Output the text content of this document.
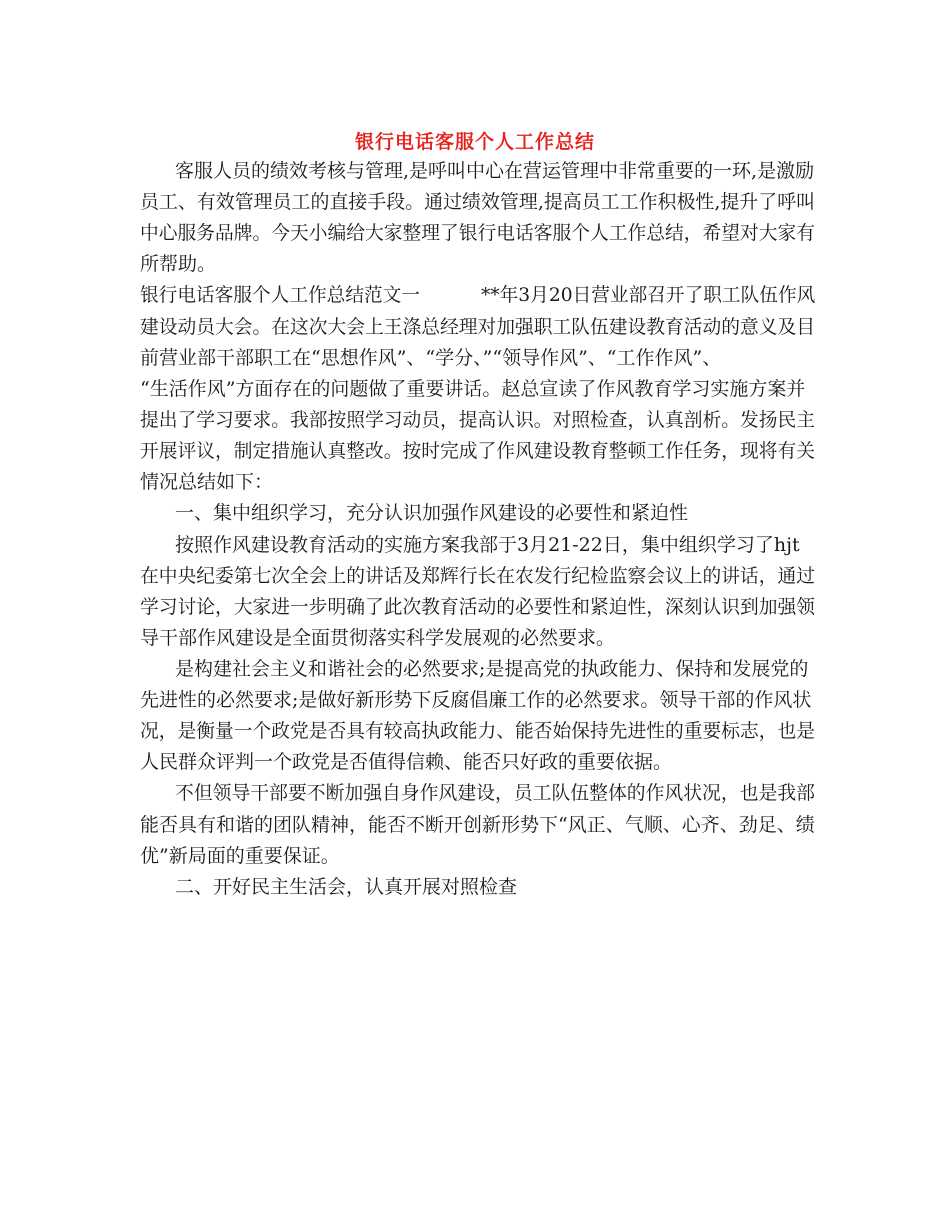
银行电话客服个人工作总结

客服人员的绩效考核与管理,是呼叫中心在营运管理中非常重要的一环,是激励

员工、有效管理员工的直接手段。通过绩效管理,提高员工工作积极性,提升了呼叫

中心服务品牌。今天小编给大家整理了银行电话客服个人工作总结，希望对大家有

所帮助。

银行电话客服个人工作总结范文一	**年3月20日营业部召开了职工队伍作风

建设动员大会。在这次大会上王涤总经理对加强职工队伍建设教育活动的意义及目

前营业部干部职工在“思想作风”、“学分、”“领导作风”、“工作作风”、

“生活作风”方面存在的问题做了重要讲话。赵总宣读了作风教育学习实施方案并

提出了学习要求。我部按照学习动员，提高认识。对照检查，认真剖析。发扬民主

开展评议，制定措施认真整改。按时完成了作风建设教育整顿工作任务，现将有关

情况总结如下：

一、集中组织学习，充分认识加强作风建设的必要性和紧迫性

按照作风建设教育活动的实施方案我部于3月21-22日，集中组织学习了hjt

在中央纪委第七次全会上的讲话及郑辉行长在农发行纪检监察会议上的讲话，通过

学习讨论，大家进一步明确了此次教育活动的必要性和紧迫性，深刻认识到加强领

导干部作风建设是全面贯彻落实科学发展观的必然要求。

是构建社会主义和谐社会的必然要求;是提高党的执政能力、保持和发展党的

先进性的必然要求;是做好新形势下反腐倡廉工作的必然要求。领导干部的作风状

况，是衡量一个政党是否具有较高执政能力、能否始保持先进性的重要标志，也是

人民群众评判一个政党是否值得信赖、能否只好政的重要依据。

不但领导干部要不断加强自身作风建设，员工队伍整体的作风状况，也是我部

能否具有和谐的团队精神，能否不断开创新形势下“风正、气顺、心齐、劲足、绩

优”新局面的重要保证。

二、开好民主生活会，认真开展对照检查
